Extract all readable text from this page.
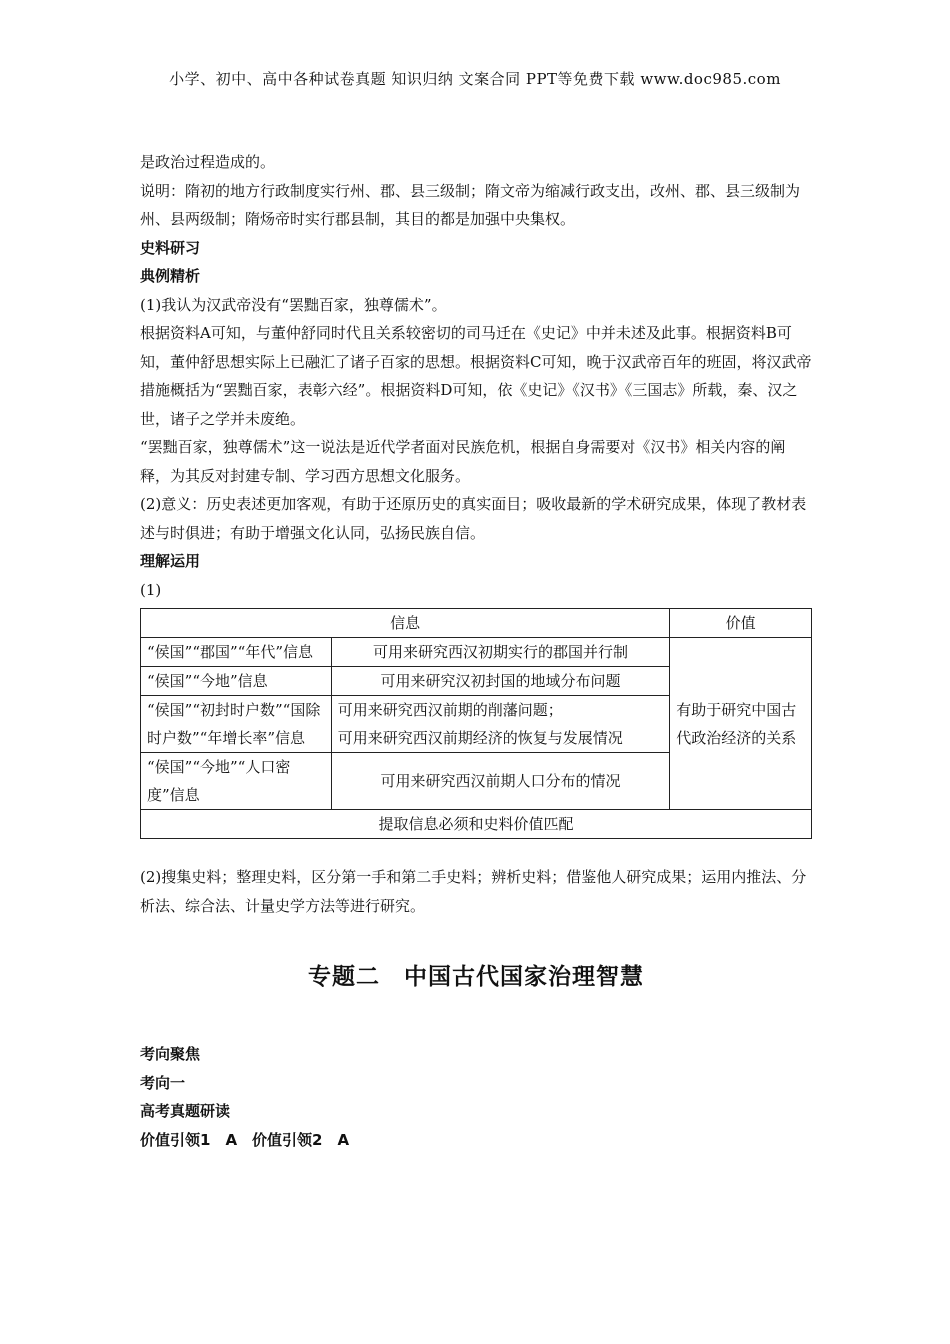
小学、初中、高中各种试卷真题 知识归纳 文案合同 PPT等免费下载 www.doc985.com

是政治过程造成的。

说明：隋初的地方行政制度实行州、郡、县三级制；隋文帝为缩减行政支出，改州、郡、县三级制为州、县两级制；隋炀帝时实行郡县制，其目的都是加强中央集权。

史料研习

典例精析

(1)我认为汉武帝没有“罢黜百家，独尊儒术”。

根据资料A可知，与董仲舒同时代且关系较密切的司马迁在《史记》中并未述及此事。根据资料B可知，董仲舒思想实际上已融汇了诸子百家的思想。根据资料C可知，晚于汉武帝百年的班固，将汉武帝措施概括为“罢黜百家，表彰六经”。根据资料D可知，依《史记》《汉书》《三国志》所载，秦、汉之世，诸子之学并未废绝。

“罢黜百家，独尊儒术”这一说法是近代学者面对民族危机，根据自身需要对《汉书》相关内容的阐释，为其反对封建专制、学习西方思想文化服务。

(2)意义：历史表述更加客观，有助于还原历史的真实面目；吸收最新的学术研究成果，体现了教材表述与时俱进；有助于增强文化认同，弘扬民族自信。

理解运用

(1)

信息		价值
“侯国”“郡国”“年代”信息	可用来研究西汉初期实行的郡国并行制	有助于研究中国古代政治经济的关系
“侯国”“今地”信息	可用来研究汉初封国的地域分布问题	
“侯国”“初封时户数”“国除时户数”“年增长率”信息	可用来研究西汉前期的削藩问题；
可用来研究西汉前期经济的恢复与发展情况	

“侯国”“今地”“人口密度”信息	可用来研究西汉前期人口分布的情况	
提取信息必须和史料价值匹配		

(2)搜集史料；整理史料，区分第一手和第二手史料；辨析史料；借鉴他人研究成果；运用内推法、分析法、综合法、计量史学方法等进行研究。

专题二　中国古代国家治理智慧

考向聚焦

考向一

高考真题研读

价值引领1　A　价值引领2　A
